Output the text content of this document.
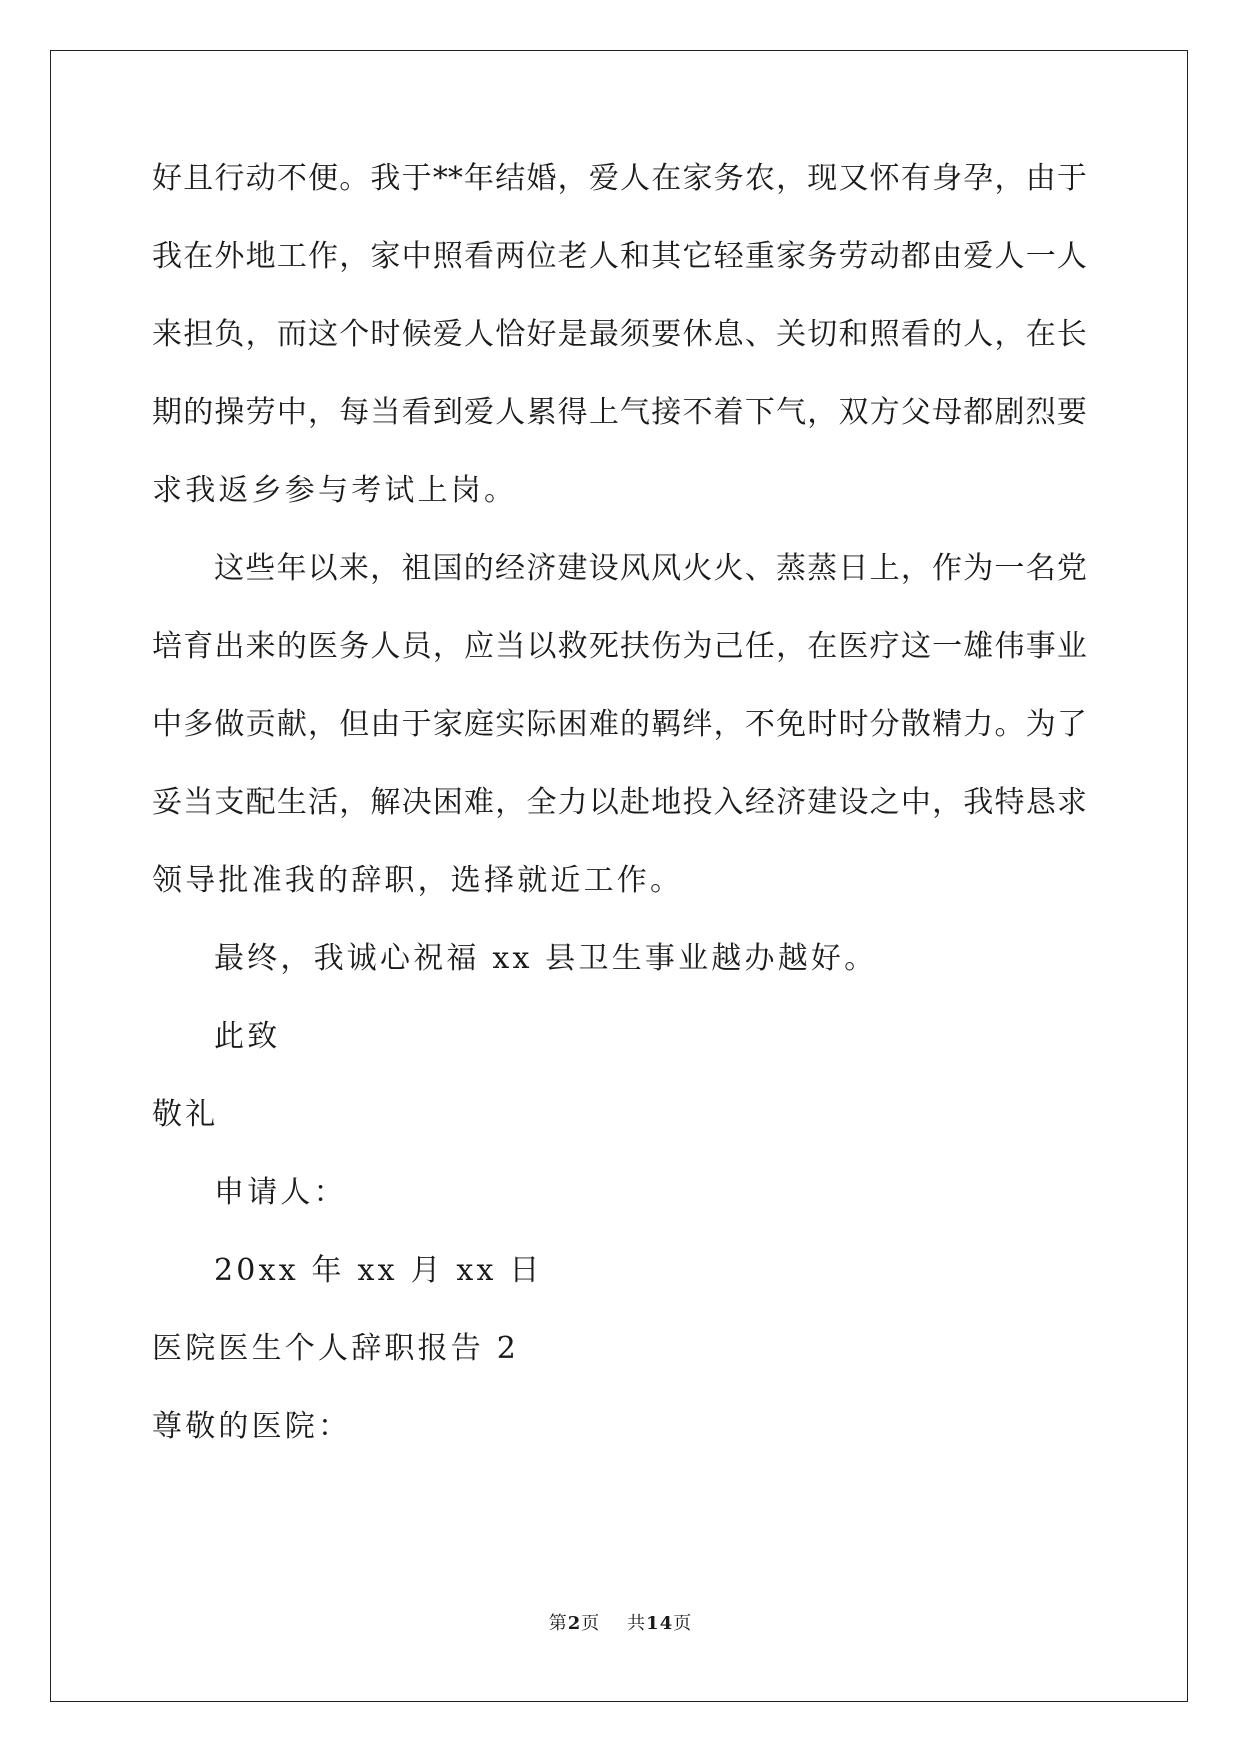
好 且 行 动 不 便 。 我 于 ** 年 结 婚 ， 爱 人 在 家 务 农 ， 现 又 怀 有 身 孕 ， 由 于
我 在 外 地 工 作 ， 家 中 照 看 两 位 老 人 和 其 它 轻 重 家 务 劳 动 都 由 爱 人 一 人
来 担 负 ， 而 这 个 时 候 爱 人 恰 好 是 最 须 要 休 息 、 关 切 和 照 看 的 人 ， 在 长
期 的 操 劳 中 ， 每 当 看 到 爱 人 累 得 上 气 接 不 着 下 气 ， 双 方 父 母 都 剧 烈 要
求我返乡参与考试上岗。
这 些 年 以 来 ， 祖 国 的 经 济 建 设 风 风 火 火 、 蒸 蒸 日 上 ， 作 为 一 名 党
培 育 出 来 的 医 务 人 员 ， 应 当 以 救 死 扶 伤 为 己 任 ， 在 医 疗 这 一 雄 伟 事 业
中 多 做 贡 献 ， 但 由 于 家 庭 实 际 困 难 的 羁 绊 ， 不 免 时 时 分 散 精 力 。 为 了
妥 当 支 配 生 活 ， 解 决 困 难 ， 全 力 以 赴 地 投 入 经 济 建 设 之 中 ， 我 特 恳 求
领导批准我的辞职，选择就近工作。
最终，我诚心祝福 xx 县卫生事业越办越好。
此致
敬礼
申请人：
20xx 年 xx 月 xx 日
医院医生个人辞职报告 2
尊敬的医院：
第2页 共14页
